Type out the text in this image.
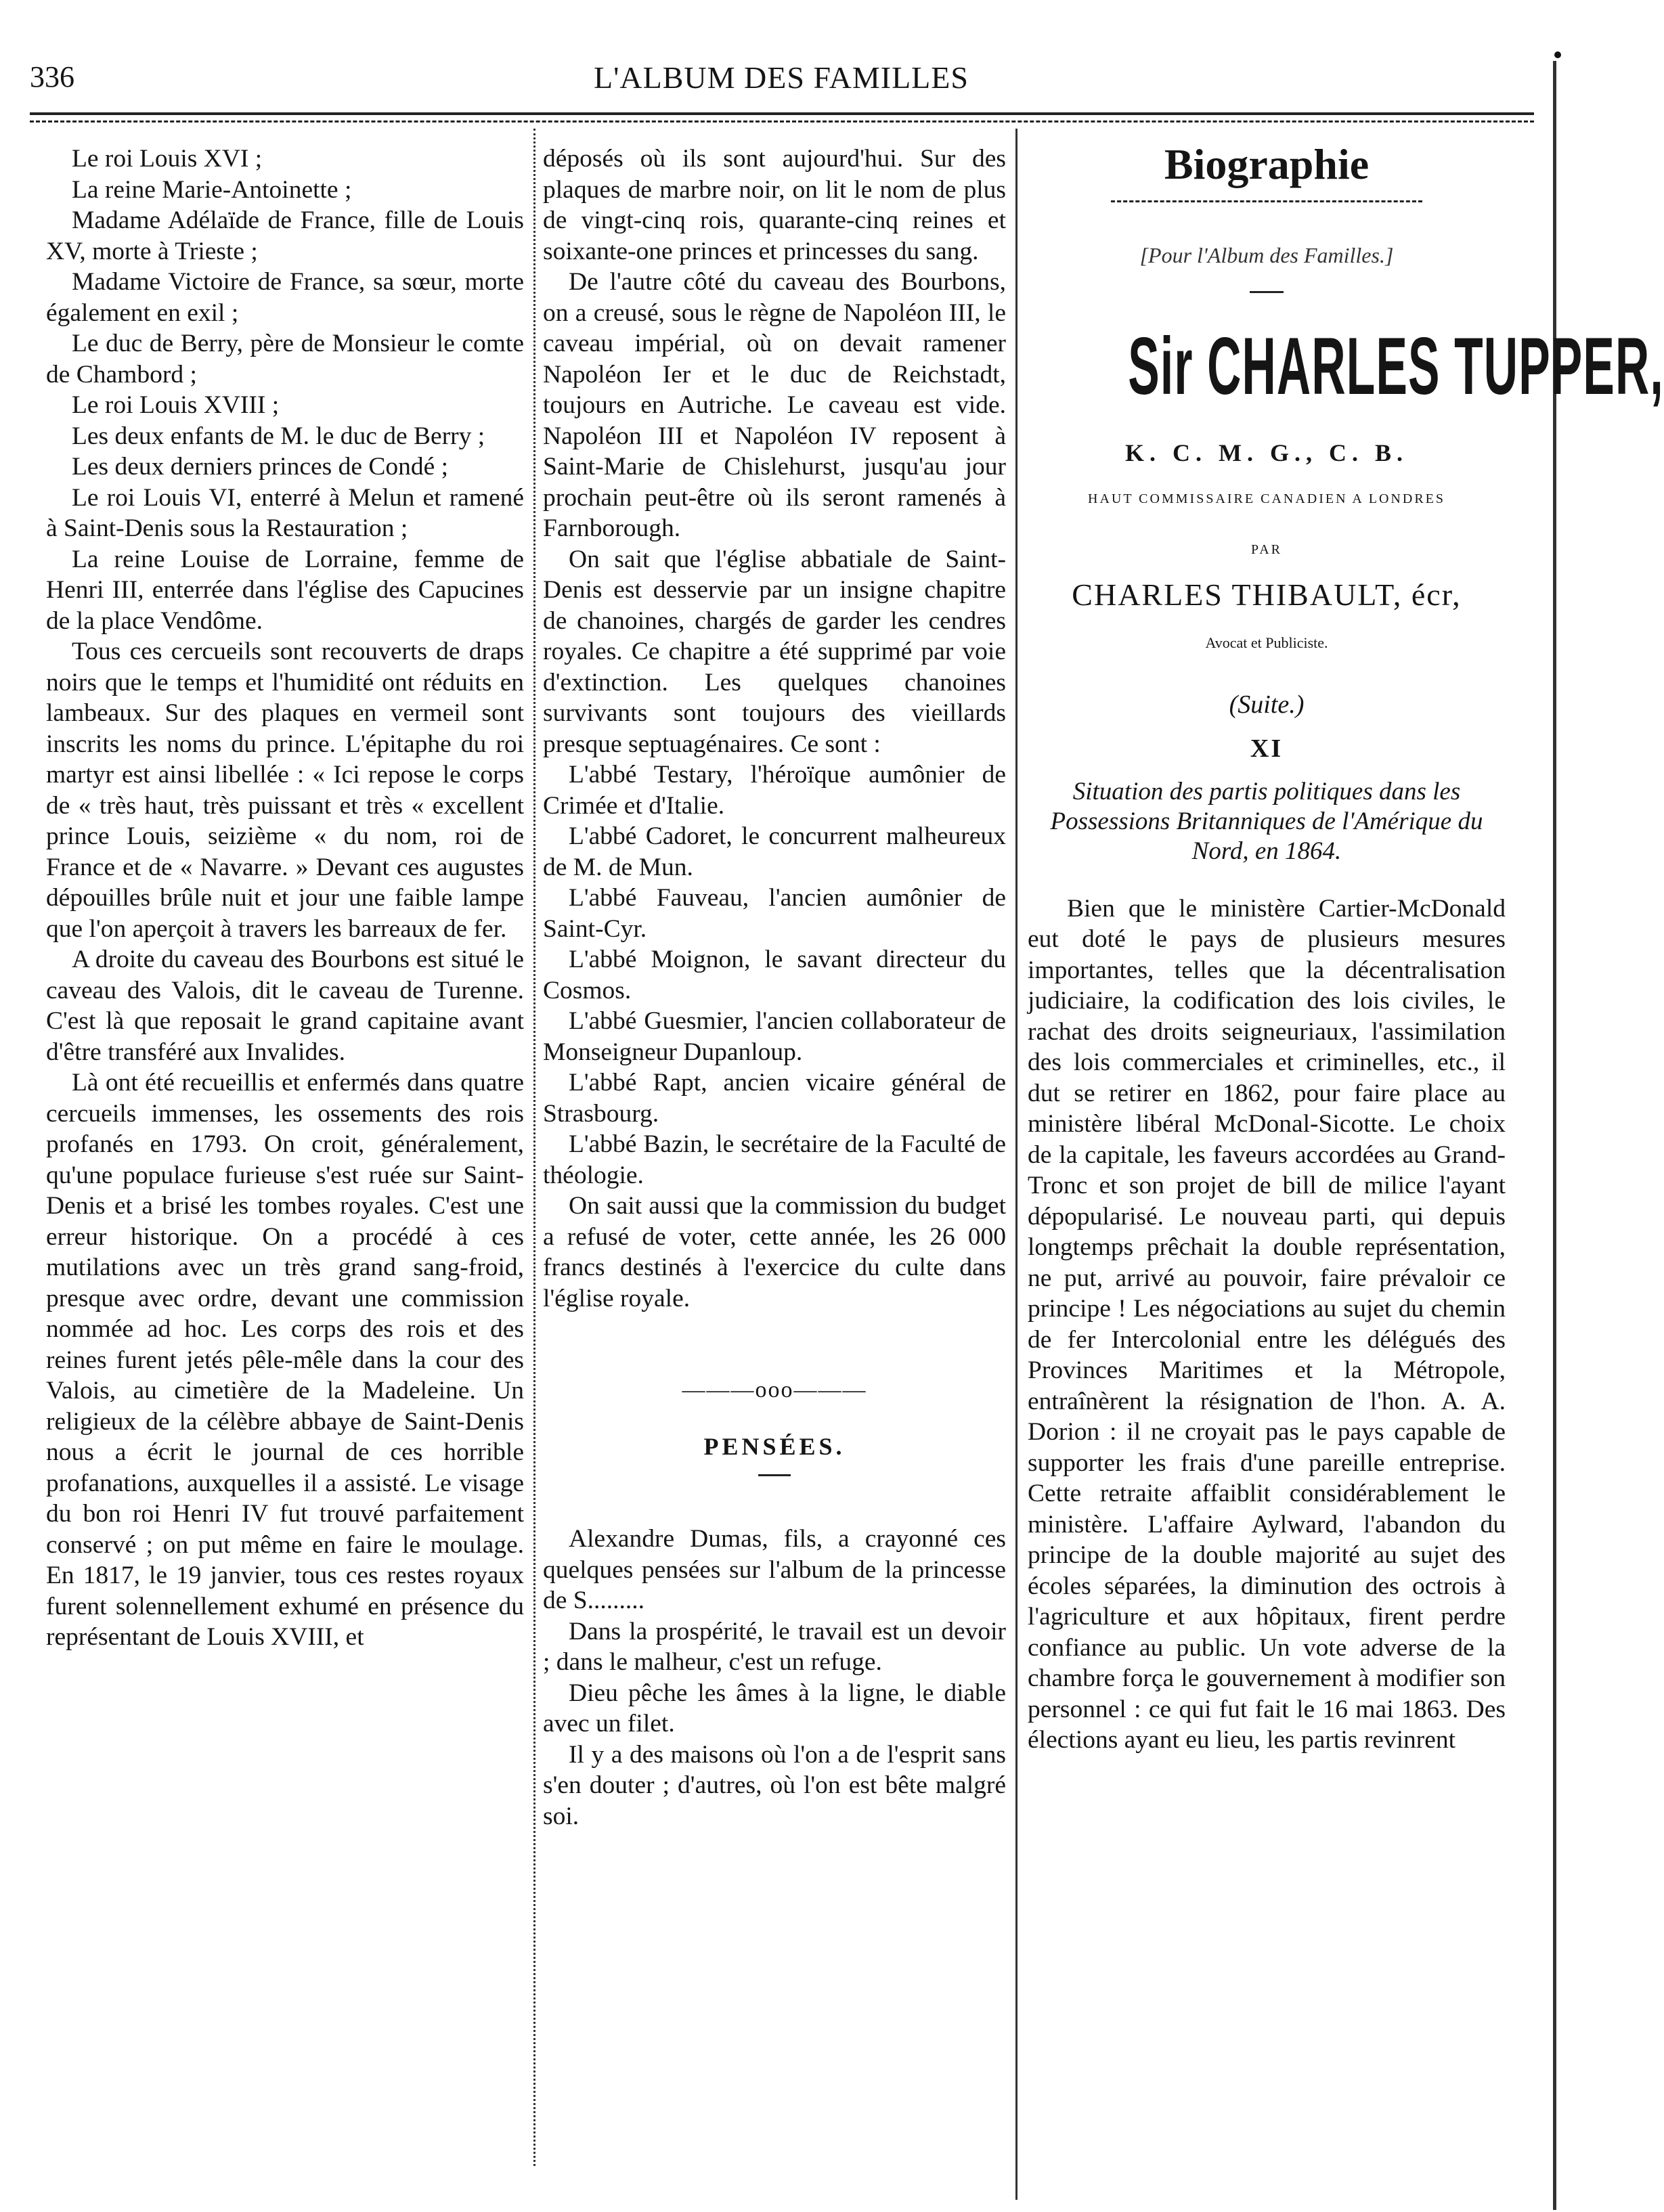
336	L'ALBUM DES FAMILLES

Le roi Louis XVI ;

La reine Marie-Antoinette ;

Madame Adélaïde de France, fille de Louis XV, morte à Trieste ;

Madame Victoire de France, sa sœur, morte également en exil ;

Le duc de Berry, père de Monsieur le comte de Chambord ;

Le roi Louis XVIII ;

Les deux enfants de M. le duc de Berry ;

Les deux derniers princes de Condé ;

Le roi Louis VI, enterré à Melun et ramené à Saint-Denis sous la Restauration ;

La reine Louise de Lorraine, femme de Henri III, enterrée dans l'église des Capucines de la place Vendôme.

Tous ces cercueils sont recouverts de draps noirs que le temps et l'humidité ont réduits en lambeaux. Sur des plaques en vermeil sont inscrits les noms du prince. L'épitaphe du roi martyr est ainsi libellée : « Ici repose le corps de « très haut, très puissant et très « excellent prince Louis, seizième « du nom, roi de France et de « Navarre. » Devant ces augustes dépouilles brûle nuit et jour une faible lampe que l'on aperçoit à travers les barreaux de fer.

A droite du caveau des Bourbons est situé le caveau des Valois, dit le caveau de Turenne. C'est là que reposait le grand capitaine avant d'être transféré aux Invalides.

Là ont été recueillis et enfermés dans quatre cercueils immenses, les ossements des rois profanés en 1793. On croit, généralement, qu'une populace furieuse s'est ruée sur Saint-Denis et a brisé les tombes royales. C'est une erreur historique. On a procédé à ces mutilations avec un très grand sang-froid, presque avec ordre, devant une commission nommée ad hoc. Les corps des rois et des reines furent jetés pêle-mêle dans la cour des Valois, au cimetière de la Madeleine. Un religieux de la célèbre abbaye de Saint-Denis nous a écrit le journal de ces horrible profanations, auxquelles il a assisté. Le visage du bon roi Henri IV fut trouvé parfaitement conservé ; on put même en faire le moulage. En 1817, le 19 janvier, tous ces restes royaux furent solennellement exhumé en présence du représentant de Louis XVIII, et

déposés où ils sont aujourd'hui. Sur des plaques de marbre noir, on lit le nom de plus de vingt-cinq rois, quarante-cinq reines et soixante-one princes et princesses du sang.

De l'autre côté du caveau des Bourbons, on a creusé, sous le règne de Napoléon III, le caveau impérial, où on devait ramener Napoléon Ier et le duc de Reichstadt, toujours en Autriche. Le caveau est vide. Napoléon III et Napoléon IV reposent à Saint-Marie de Chislehurst, jusqu'au jour prochain peut-être où ils seront ramenés à Farnborough.

On sait que l'église abbatiale de Saint-Denis est desservie par un insigne chapitre de chanoines, chargés de garder les cendres royales. Ce chapitre a été supprimé par voie d'extinction. Les quelques chanoines survivants sont toujours des vieillards presque septuagénaires. Ce sont :

L'abbé Testary, l'héroïque aumônier de Crimée et d'Italie.

L'abbé Cadoret, le concurrent malheureux de M. de Mun.

L'abbé Fauveau, l'ancien aumônier de Saint-Cyr.

L'abbé Moignon, le savant directeur du Cosmos.

L'abbé Guesmier, l'ancien collaborateur de Monseigneur Dupanloup.

L'abbé Rapt, ancien vicaire général de Strasbourg.

L'abbé Bazin, le secrétaire de la Faculté de théologie.

On sait aussi que la commission du budget a refusé de voter, cette année, les 26 000 francs destinés à l'exercice du culte dans l'église royale.

———ooo———
PENSÉES.

Alexandre Dumas, fils, a crayonné ces quelques pensées sur l'album de la princesse de S.........

Dans la prospérité, le travail est un devoir ; dans le malheur, c'est un refuge.

Dieu pêche les âmes à la ligne, le diable avec un filet.

Il y a des maisons où l'on a de l'esprit sans s'en douter ; d'autres, où l'on est bête malgré soi.

Biographie
[Pour l'Album des Familles.]
Sir CHARLES TUPPER,
K. C. M. G., C. B.
HAUT COMMISSAIRE CANADIEN A LONDRES
PAR
CHARLES THIBAULT, écr,
Avocat et Publiciste.
(Suite.)
XI
Situation des partis politiques dans les Possessions Britanniques de l'Amérique du Nord, en 1864.

Bien que le ministère Cartier-McDonald eut doté le pays de plusieurs mesures importantes, telles que la décentralisation judiciaire, la codification des lois civiles, le rachat des droits seigneuriaux, l'assimilation des lois commerciales et criminelles, etc., il dut se retirer en 1862, pour faire place au ministère libéral McDonal-Sicotte. Le choix de la capitale, les faveurs accordées au Grand-Tronc et son projet de bill de milice l'ayant dépopularisé. Le nouveau parti, qui depuis longtemps prêchait la double représentation, ne put, arrivé au pouvoir, faire prévaloir ce principe ! Les négociations au sujet du chemin de fer Intercolonial entre les délégués des Provinces Maritimes et la Métropole, entraînèrent la résignation de l'hon. A. A. Dorion : il ne croyait pas le pays capable de supporter les frais d'une pareille entreprise. Cette retraite affaiblit considérablement le ministère. L'affaire Aylward, l'abandon du principe de la double majorité au sujet des écoles séparées, la diminution des octrois à l'agriculture et aux hôpitaux, firent perdre confiance au public. Un vote adverse de la chambre força le gouvernement à modifier son personnel : ce qui fut fait le 16 mai 1863. Des élections ayant eu lieu, les partis revinrent
